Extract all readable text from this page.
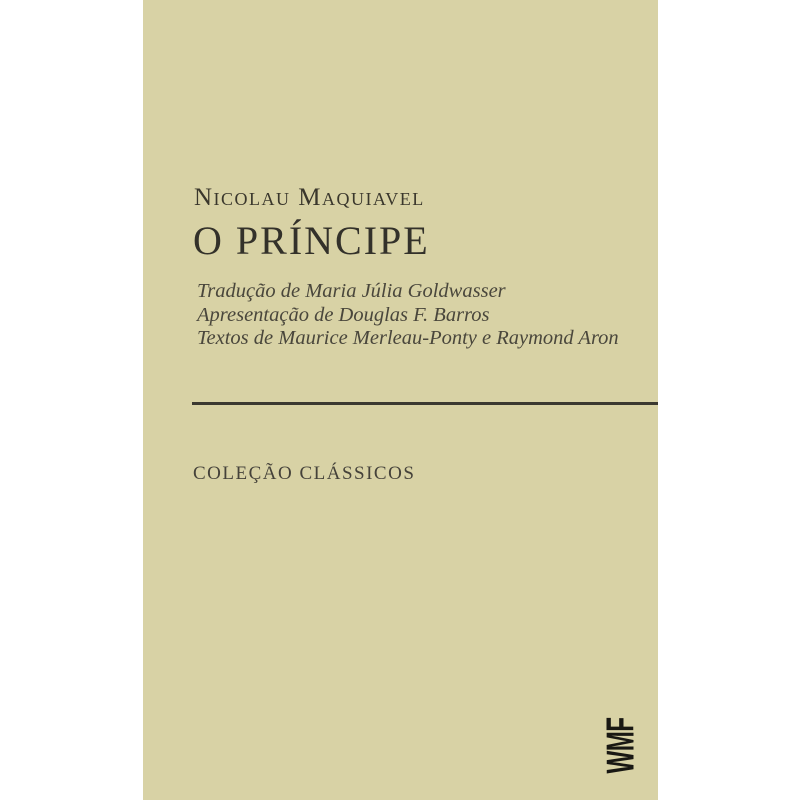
Nicolau Maquiavel
O PRÍNCIPE
Tradução de Maria Júlia Goldwasser
Apresentação de Douglas F. Barros
Textos de Maurice Merleau-Ponty e Raymond Aron
COLEÇÃO CLÁSSICOS
WMF
